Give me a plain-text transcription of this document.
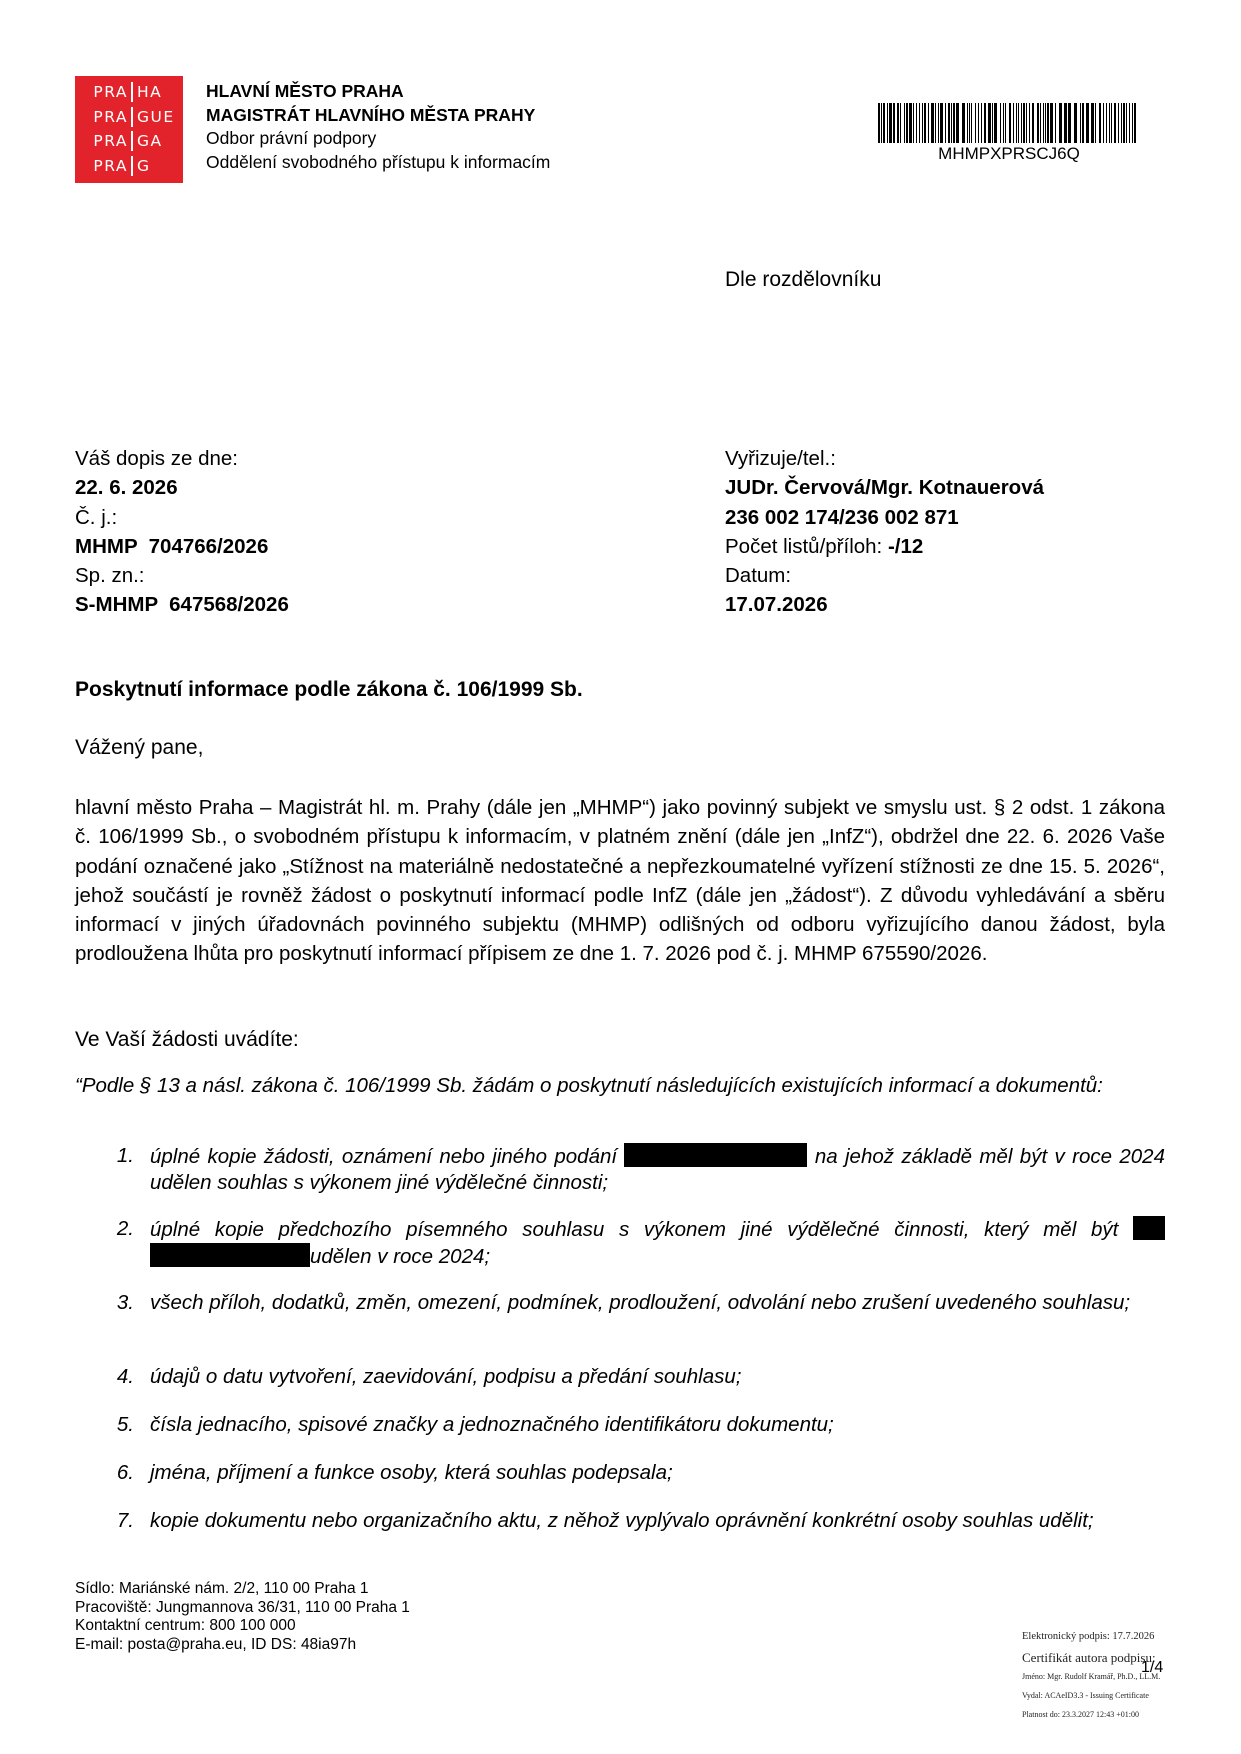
PRA HA
PRA GUE
PRA GA
PRA G
HLAVNÍ MĚSTO PRAHA
MAGISTRÁT HLAVNÍHO MĚSTA PRAHY
Odbor právní podpory
Oddělení svobodného přístupu k informacím	MHMPXPRSCJ6Q
Dle rozdělovníku
Váš dopis ze dne:
22. 6. 2026
Č. j.:
MHMP  704766/2026
Sp. zn.:
S-MHMP  647568/2026
Vyřizuje/tel.:
JUDr. Červová/Mgr. Kotnauerová
236 002 174/236 002 871
Počet listů/příloh: -/12
Datum:
17.07.2026
Poskytnutí informace podle zákona č. 106/1999 Sb.
Vážený pane,
hlavní město Praha – Magistrát hl. m. Prahy (dále jen „MHMP“) jako povinný subjekt ve smyslu ust. § 2 odst. 1 zákona č. 106/1999 Sb., o svobodném přístupu k informacím, v platném znění (dále jen „InfZ“), obdržel dne 22. 6. 2026 Vaše podání označené jako „Stížnost na materiálně nedostatečné a nepřezkoumatelné vyřízení stížnosti ze dne 15. 5. 2026“, jehož součástí je rovněž žádost o poskytnutí informací podle InfZ (dále jen „žádost“). Z důvodu vyhledávání a sběru informací v jiných úřadovnách povinného subjektu (MHMP) odlišných od odboru vyřizujícího danou žádost, byla prodloužena lhůta pro poskytnutí informací přípisem ze dne 1. 7. 2026 pod č. j. MHMP 675590/2026.
Ve Vaší žádosti uvádíte:
“Podle § 13 a násl. zákona č. 106/1999 Sb. žádám o poskytnutí následujících existujících informací a dokumentů:
1. úplné kopie žádosti, oznámení nebo jiného podání	na jehož základě měl být v roce 2024 udělen souhlas s výkonem jiné výdělečné činnosti;
2. úplné kopie předchozího písemného souhlasu s výkonem jiné výdělečné činnosti, který měl být  udělen v roce 2024;
3. všech příloh, dodatků, změn, omezení, podmínek, prodloužení, odvolání nebo zrušení uvedeného souhlasu;
4. údajů o datu vytvoření, zaevidování, podpisu a předání souhlasu;
5. čísla jednacího, spisové značky a jednoznačného identifikátoru dokumentu;
6. jména, příjmení a funkce osoby, která souhlas podepsala;
7. kopie dokumentu nebo organizačního aktu, z něhož vyplývalo oprávnění konkrétní osoby souhlas udělit;
Sídlo: Mariánské nám. 2/2, 110 00 Praha 1
Pracoviště: Jungmannova 36/31, 110 00 Praha 1
Kontaktní centrum: 800 100 000
E-mail: posta@praha.eu, ID DS: 48ia97h	Elektronický podpis: 17.7.2026
Certifikát autora podpisu:
Jméno: Mgr. Rudolf Kramář, Ph.D., LL.M.
Vydal: ACAeID3.3 - Issuing Certificate
Platnost do: 23.3.2027 12:43 +01:00
1/4
